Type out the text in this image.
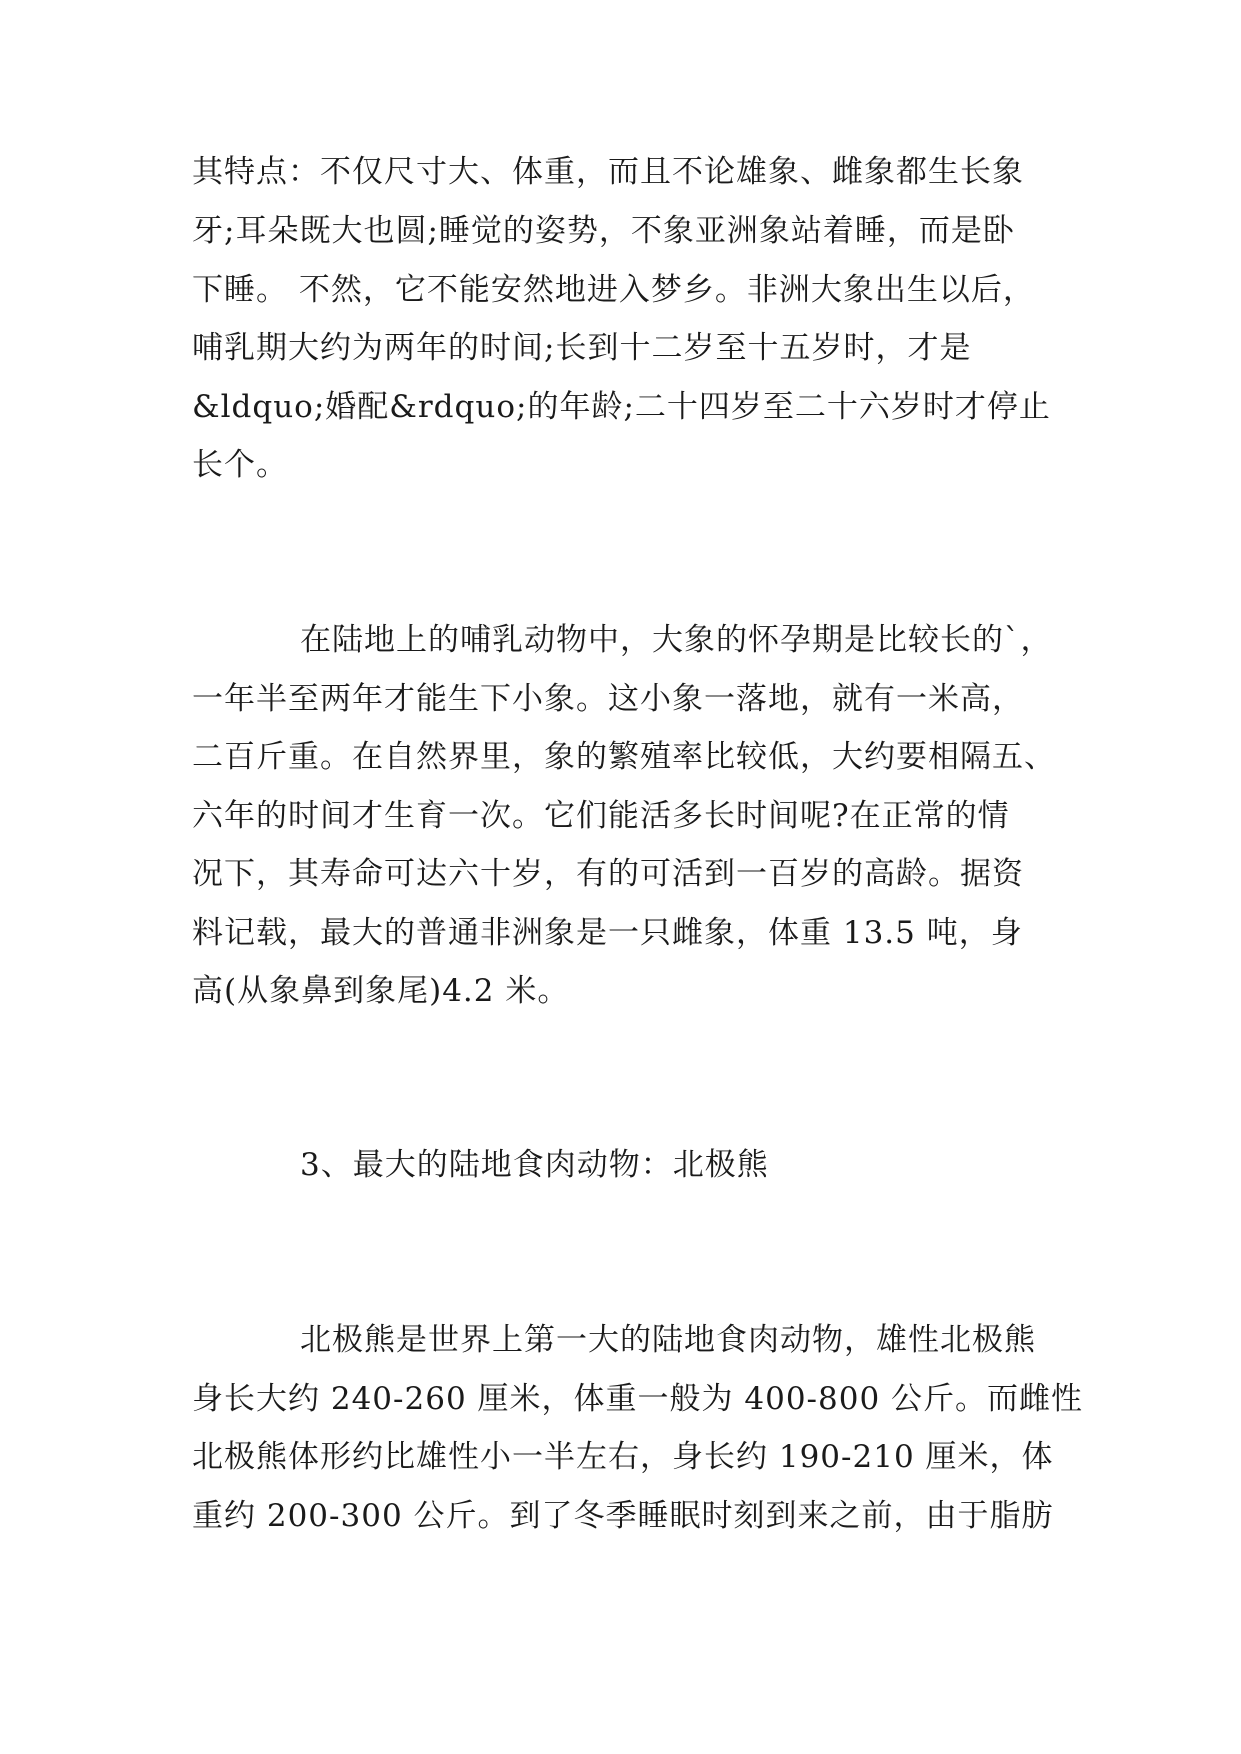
其特点：不仅尺寸大、体重，而且不论雄象、雌象都生长象
牙;耳朵既大也圆;睡觉的姿势，不象亚洲象站着睡，而是卧
下睡。 不然，它不能安然地进入梦乡。非洲大象出生以后，
哺乳期大约为两年的时间;长到十二岁至十五岁时，才是
&ldquo;婚配&rdquo;的年龄;二十四岁至二十六岁时才停止
长个。
在陆地上的哺乳动物中，大象的怀孕期是比较长的`，
一年半至两年才能生下小象。这小象一落地，就有一米高，
二百斤重。在自然界里，象的繁殖率比较低，大约要相隔五、
六年的时间才生育一次。它们能活多长时间呢?在正常的情
况下，其寿命可达六十岁，有的可活到一百岁的高龄。据资
料记载，最大的普通非洲象是一只雌象，体重 13.5 吨，身
高(从象鼻到象尾)4.2 米。
3、最大的陆地食肉动物：北极熊
北极熊是世界上第一大的陆地食肉动物，雄性北极熊
身长大约 240-260 厘米，体重一般为 400-800 公斤。而雌性
北极熊体形约比雄性小一半左右，身长约 190-210 厘米，体
重约 200-300 公斤。到了冬季睡眠时刻到来之前，由于脂肪
